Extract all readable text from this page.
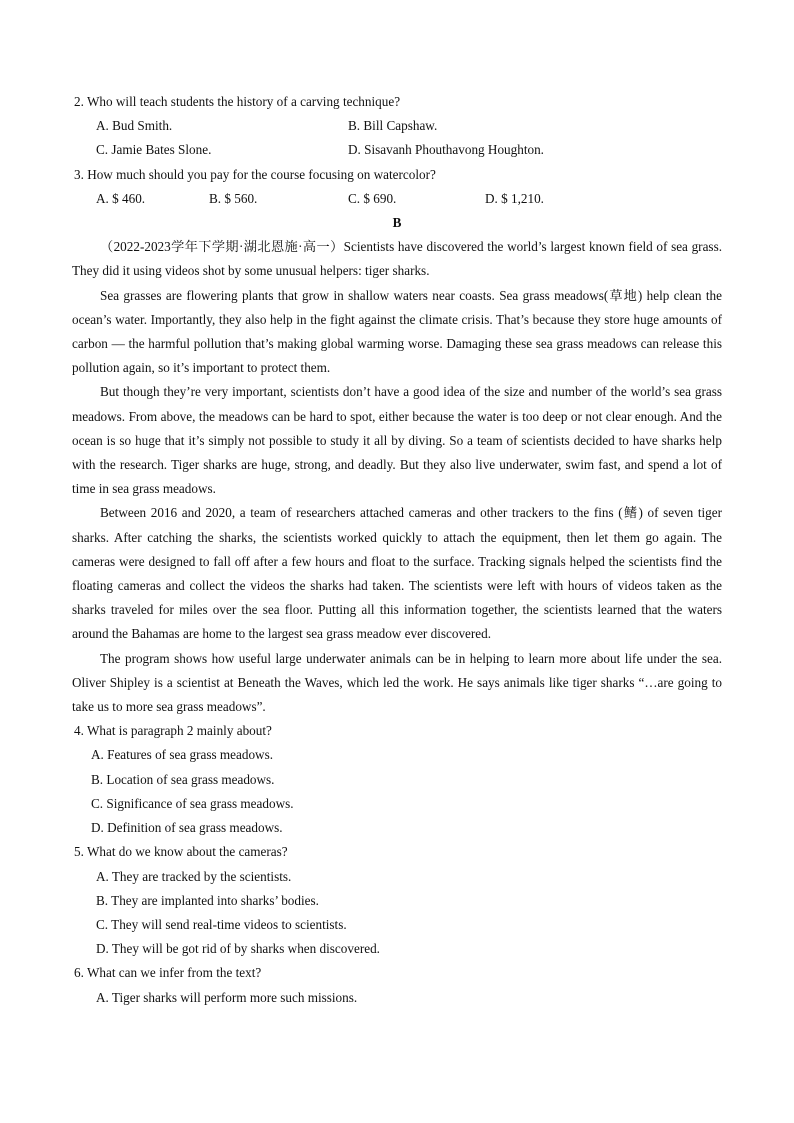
2. Who will teach students the history of a carving technique?
A. Bud Smith.	B. Bill Capshaw.
C. Jamie Bates Slone.	D. Sisavanh Phouthavong Houghton.
3. How much should you pay for the course focusing on watercolor?
A. $ 460.	B. $ 560.	C. $ 690.	D. $ 1,210.
B

（2022-2023学年下学期·湖北恩施·高一）Scientists have discovered the world’s largest known field of sea grass. They did it using videos shot by some unusual helpers: tiger sharks.

Sea grasses are flowering plants that grow in shallow waters near coasts. Sea grass meadows(草地) help clean the ocean’s water. Importantly, they also help in the fight against the climate crisis. That’s because they store huge amounts of carbon — the harmful pollution that’s making global warming worse. Damaging these sea grass meadows can release this pollution again, so it’s important to protect them.

But though they’re very important, scientists don’t have a good idea of the size and number of the world’s sea grass meadows. From above, the meadows can be hard to spot, either because the water is too deep or not clear enough. And the ocean is so huge that it’s simply not possible to study it all by diving. So a team of scientists decided to have sharks help with the research. Tiger sharks are huge, strong, and deadly. But they also live underwater, swim fast, and spend a lot of time in sea grass meadows.

Between 2016 and 2020, a team of researchers attached cameras and other trackers to the fins (鳍) of seven tiger sharks. After catching the sharks, the scientists worked quickly to attach the equipment, then let them go again. The cameras were designed to fall off after a few hours and float to the surface. Tracking signals helped the scientists find the floating cameras and collect the videos the sharks had taken. The scientists were left with hours of videos taken as the sharks traveled for miles over the sea floor. Putting all this information together, the scientists learned that the waters around the Bahamas are home to the largest sea grass meadow ever discovered.

The program shows how useful large underwater animals can be in helping to learn more about life under the sea. Oliver Shipley is a scientist at Beneath the Waves, which led the work. He says animals like tiger sharks “…are going to take us to more sea grass meadows”.

4. What is paragraph 2 mainly about?
A. Features of sea grass meadows.
B. Location of sea grass meadows.
C. Significance of sea grass meadows.
D. Definition of sea grass meadows.
5. What do we know about the cameras?
A. They are tracked by the scientists.
B. They are implanted into sharks’ bodies.
C. They will send real-time videos to scientists.
D. They will be got rid of by sharks when discovered.
6. What can we infer from the text?
A. Tiger sharks will perform more such missions.
